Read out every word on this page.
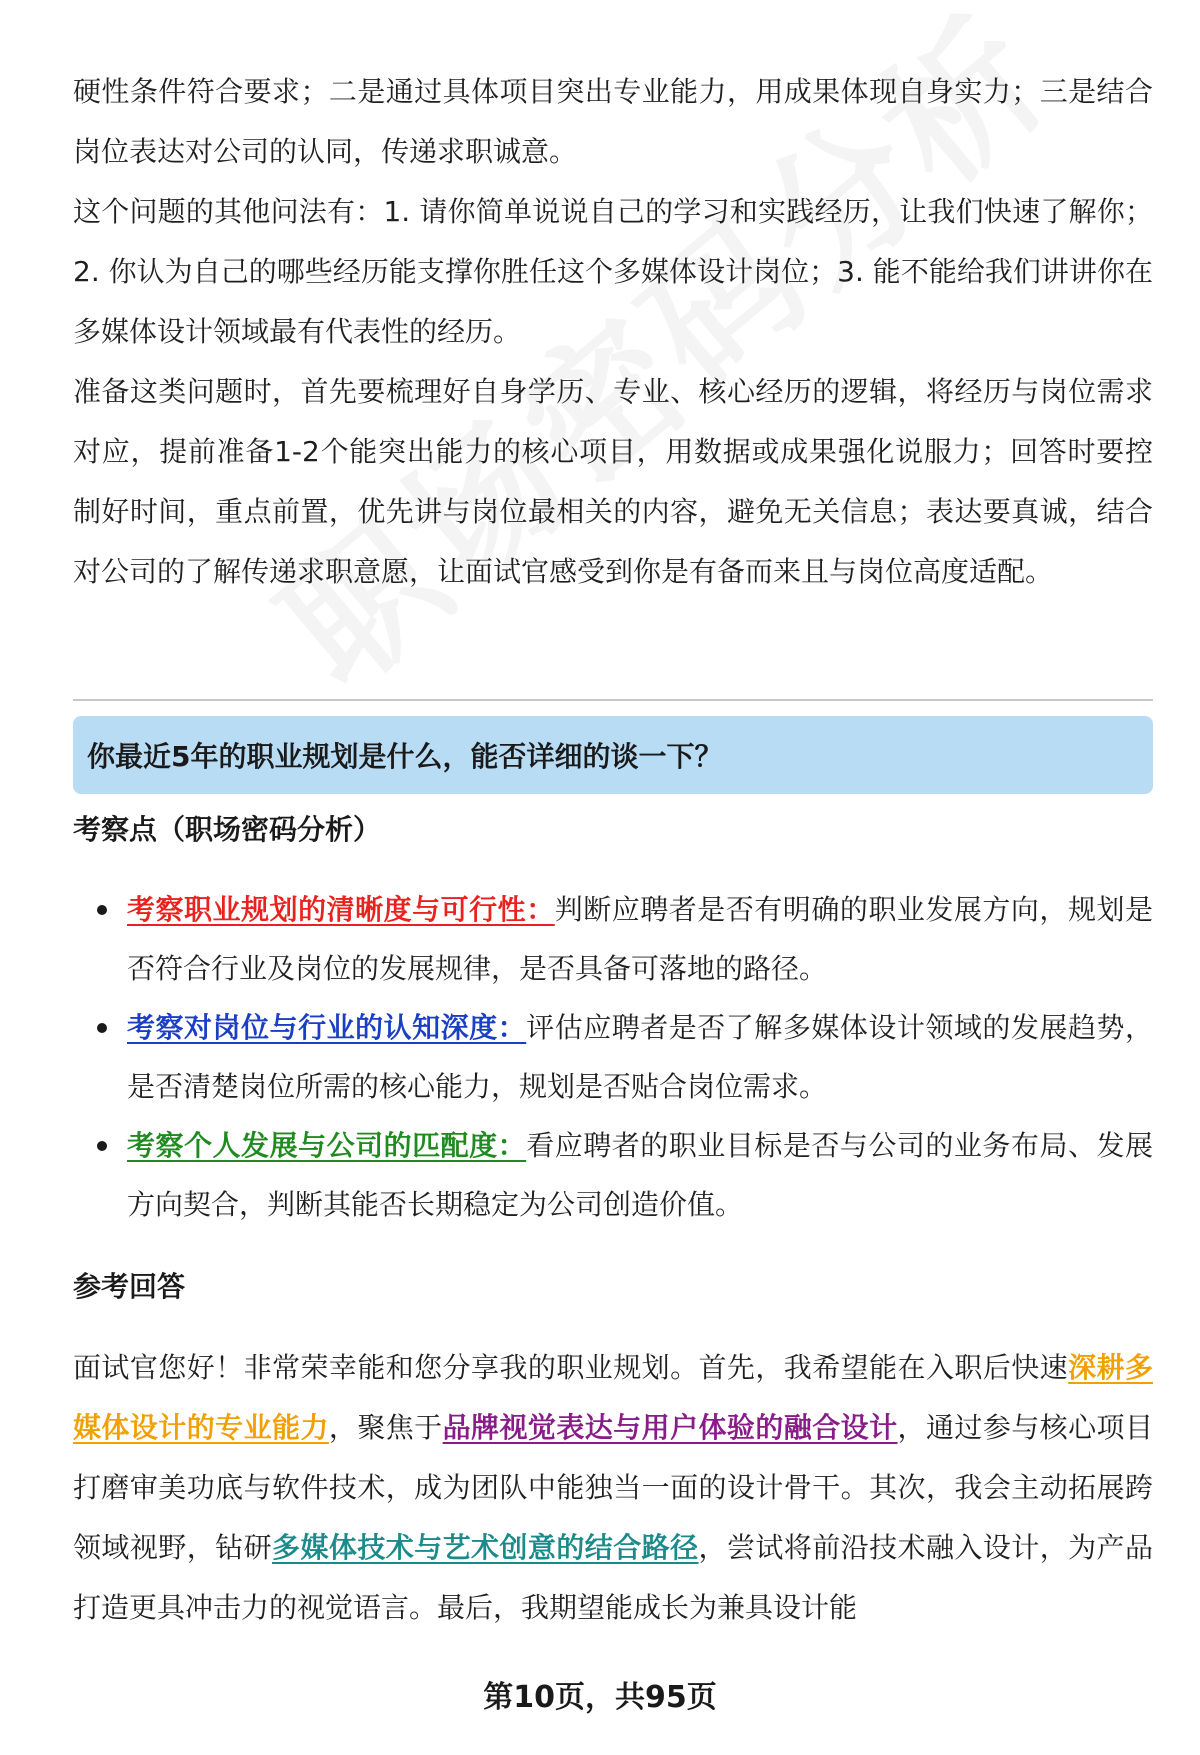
硬性条件符合要求；二是通过具体项目突出专业能力，用成果体现自身实力；三是结合岗位表达对公司的认同，传递求职诚意。

这个问题的其他问法有：1. 请你简单说说自己的学习和实践经历，让我们快速了解你；2. 你认为自己的哪些经历能支撑你胜任这个多媒体设计岗位；3. 能不能给我们讲讲你在多媒体设计领域最有代表性的经历。

准备这类问题时，首先要梳理好自身学历、专业、核心经历的逻辑，将经历与岗位需求对应，提前准备1-2个能突出能力的核心项目，用数据或成果强化说服力；回答时要控制好时间，重点前置，优先讲与岗位最相关的内容，避免无关信息；表达要真诚，结合对公司的了解传递求职意愿，让面试官感受到你是有备而来且与岗位高度适配。

你最近5年的职业规划是什么，能否详细的谈一下？
考察点（职场密码分析）
考察职业规划的清晰度与可行性：判断应聘者是否有明确的职业发展方向，规划是否符合行业及岗位的发展规律，是否具备可落地的路径。
考察对岗位与行业的认知深度：评估应聘者是否了解多媒体设计领域的发展趋势，是否清楚岗位所需的核心能力，规划是否贴合岗位需求。
考察个人发展与公司的匹配度：看应聘者的职业目标是否与公司的业务布局、发展方向契合，判断其能否长期稳定为公司创造价值。
参考回答

面试官您好！非常荣幸能和您分享我的职业规划。首先，我希望能在入职后快速深耕多媒体设计的专业能力，聚焦于品牌视觉表达与用户体验的融合设计，通过参与核心项目打磨审美功底与软件技术，成为团队中能独当一面的设计骨干。其次，我会主动拓展跨领域视野，钻研多媒体技术与艺术创意的结合路径，尝试将前沿技术融入设计，为产品打造更具冲击力的视觉语言。最后，我期望能成长为兼具设计能

第10页，共95页
